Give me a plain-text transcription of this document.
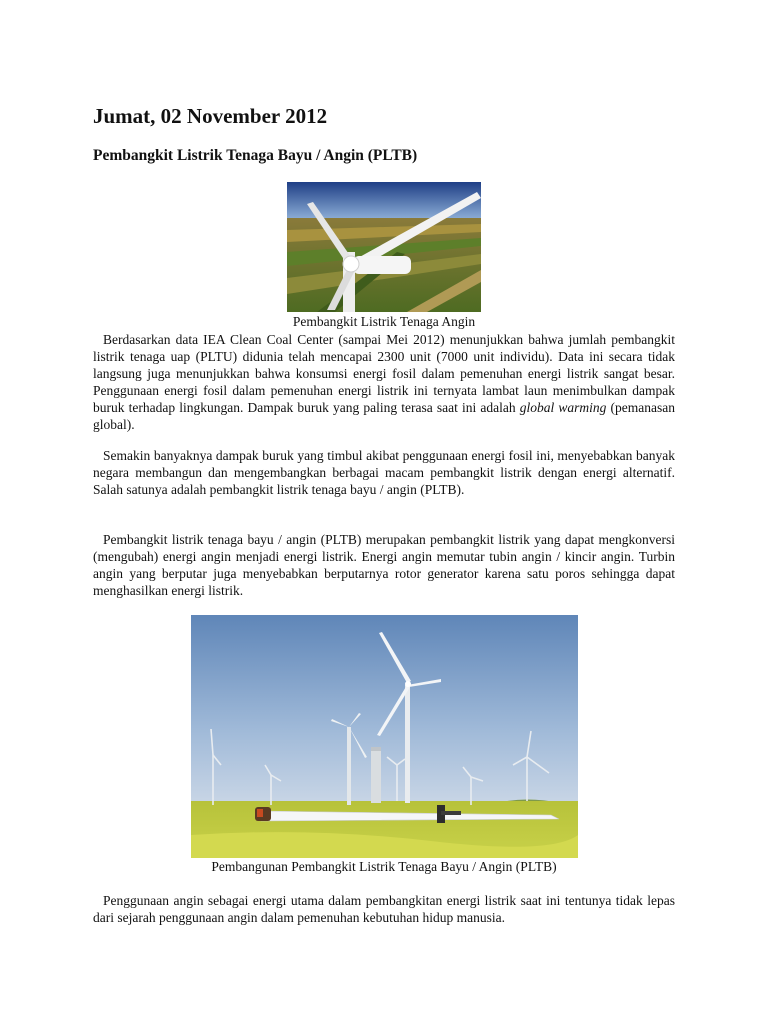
Jumat, 02 November 2012
Pembangkit Listrik Tenaga Bayu / Angin (PLTB)

Pembangkit Listrik Tenaga Angin

Berdasarkan data IEA Clean Coal Center (sampai Mei 2012) menunjukkan bahwa jumlah pembangkit listrik tenaga uap (PLTU) didunia telah mencapai 2300 unit (7000 unit individu). Data ini secara tidak langsung juga menunjukkan bahwa konsumsi energi fosil dalam pemenuhan energi listrik sangat besar. Penggunaan energi fosil dalam pemenuhan energi listrik ini ternyata lambat laun menimbulkan dampak buruk terhadap lingkungan. Dampak buruk yang paling terasa saat ini adalah global warming (pemanasan global).

Semakin banyaknya dampak buruk yang timbul akibat penggunaan energi fosil ini, menyebabkan banyak negara membangun dan mengembangkan berbagai macam pembangkit listrik dengan energi alternatif. Salah satunya adalah pembangkit listrik tenaga bayu / angin (PLTB).

Pembangkit listrik tenaga bayu / angin (PLTB) merupakan pembangkit listrik yang dapat mengkonversi (mengubah) energi angin menjadi energi listrik. Energi angin memutar tubin angin / kincir angin. Turbin angin yang berputar juga menyebabkan berputarnya rotor generator karena satu poros sehingga dapat menghasilkan energi listrik.

Pembangunan Pembangkit Listrik Tenaga Bayu / Angin (PLTB)

Penggunaan angin sebagai energi utama dalam pembangkitan energi listrik saat ini tentunya tidak lepas dari sejarah penggunaan angin dalam pemenuhan kebutuhan hidup manusia.
